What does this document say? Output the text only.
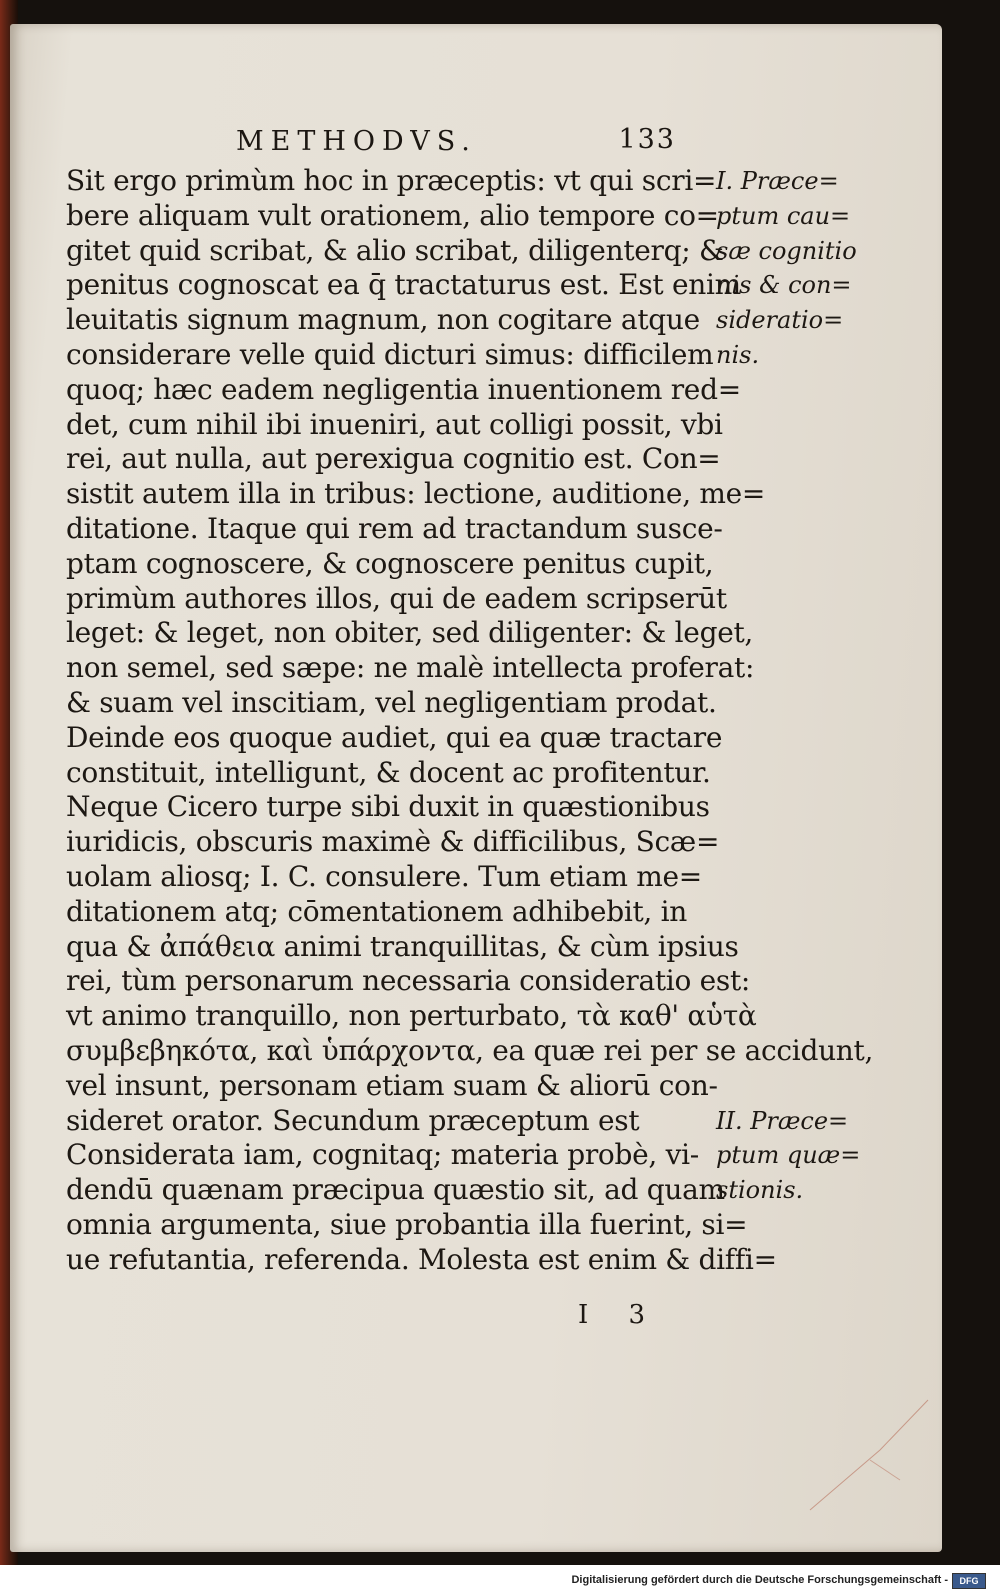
METHODVS.	133
Sit ergo primùm hoc in præceptis: vt qui scri=
bere aliquam vult orationem, alio tempore co=
gitet quid scribat, & alio scribat, diligenterq; &
penitus cognoscat ea q̄ tractaturus est. Est enim
leuitatis signum magnum, non cogitare atque
considerare velle quid dicturi simus: difficilem
quoq; hæc eadem negligentia inuentionem red=
det, cum nihil ibi inueniri, aut colligi possit, vbi
rei, aut nulla, aut perexigua cognitio est. Con=
sistit autem illa in tribus: lectione, auditione, me=
ditatione. Itaque qui rem ad tractandum susce-
ptam cognoscere, & cognoscere penitus cupit,
primùm authores illos, qui de eadem scripserūt
leget: & leget, non obiter, sed diligenter: & leget,
non semel, sed sæpe: ne malè intellecta proferat:
& suam vel inscitiam, vel negligentiam prodat.
Deinde eos quoque audiet, qui ea quæ tractare
constituit, intelligunt, & docent ac profitentur.
Neque Cicero turpe sibi duxit in quæstionibus
iuridicis, obscuris maximè & difficilibus, Scæ=
uolam aliosq; I. C. consulere. Tum etiam me=
ditationem atq; cōmentationem adhibebit, in
qua & ἀπάθεια animi tranquillitas, & cùm ipsius
rei, tùm personarum necessaria consideratio est:
vt animo tranquillo, non perturbato, τὰ καθ' αὑτὰ
συμβεβηκότα, καὶ ὑπάρχοντα, ea quæ rei per se accidunt,
vel insunt, personam etiam suam & aliorū con-
sideret orator. Secundum præceptum est
Considerata iam, cognitaq; materia probè, vi-
dendū quænam præcipua quæstio sit, ad quam
omnia argumenta, siue probantia illa fuerint, si=
ue refutantia, referenda. Molesta est enim & diffi=
I. Præce=
ptum cau=
sæ cognitio
nis & con=
sideratio=
nis.
II. Præce=
ptum quæ=
stionis.
I 3
Digitalisierung gefördert durch die Deutsche Forschungsgemeinschaft -	DFG
